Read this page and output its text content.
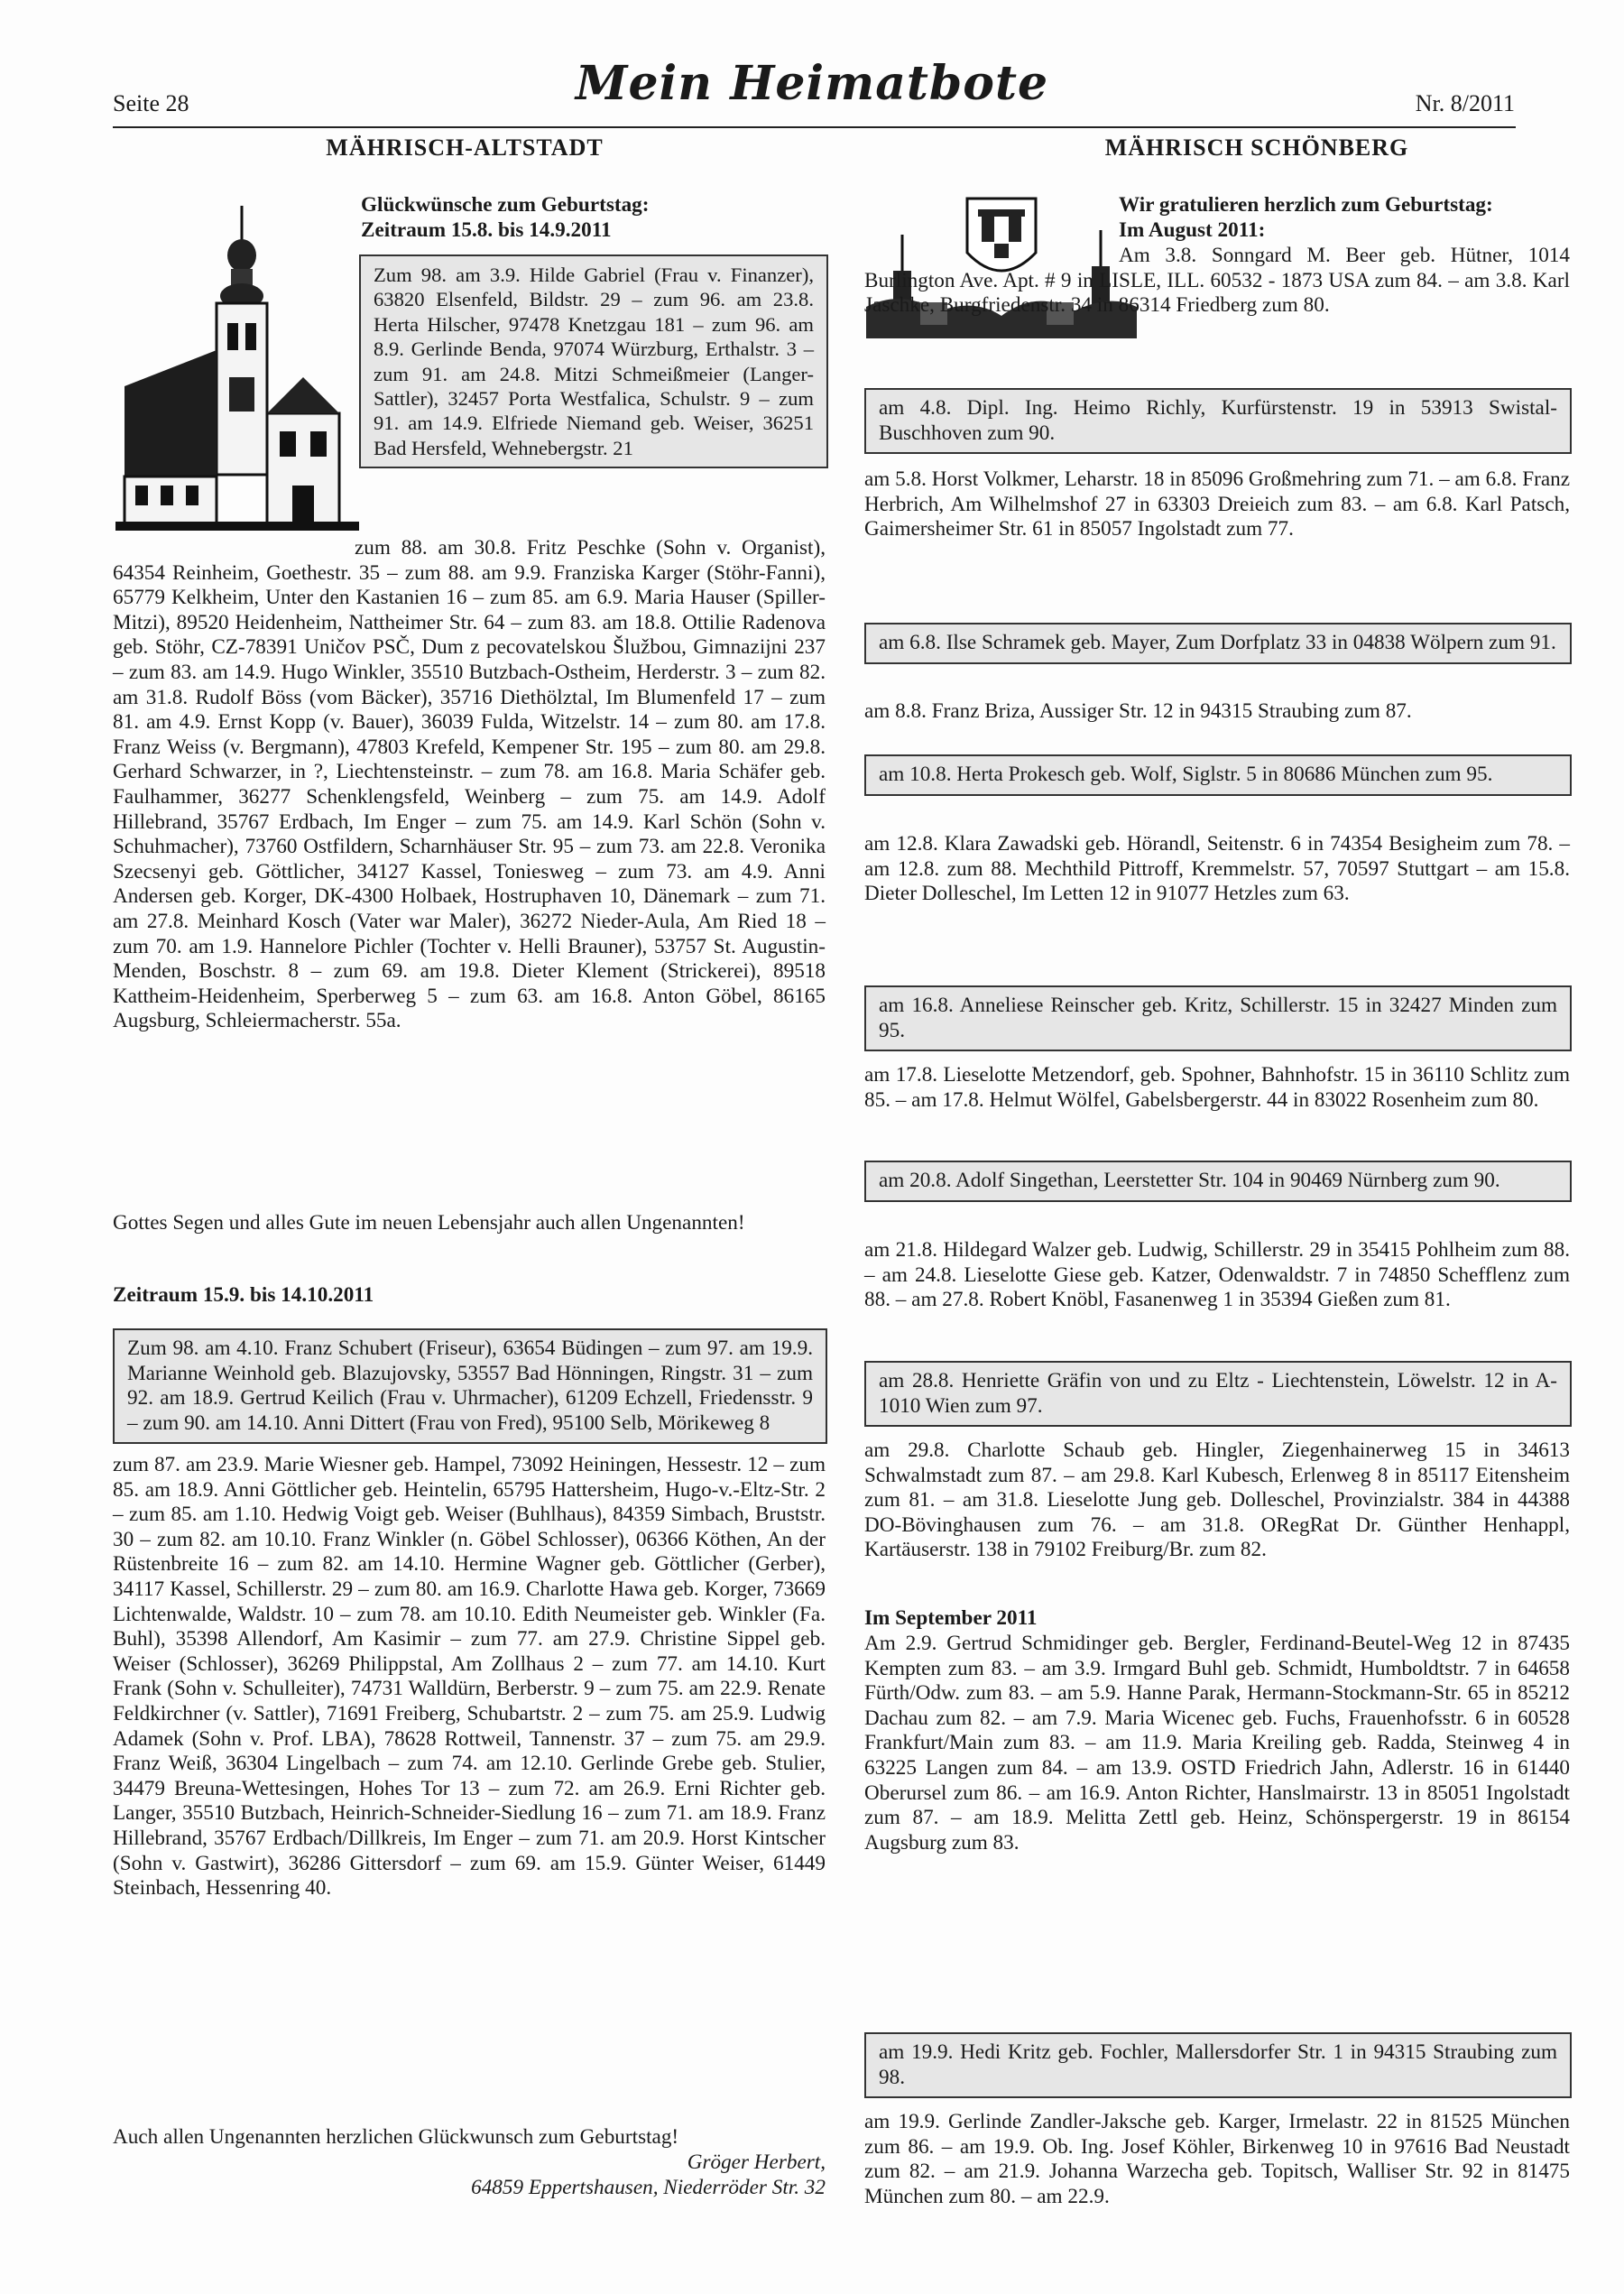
Seite 28	Mein Heimatbote	Nr. 8/2011
MÄHRISCH-ALTSTADT
Glückwünsche zum Geburtstag:
Zeitraum 15.8. bis 14.9.2011
Zum 98. am 3.9. Hilde Gabriel (Frau v. Finanzer), 63820 Elsenfeld, Bildstr. 29 – zum 96. am 23.8. Herta Hilscher, 97478 Knetzgau 181 – zum 96. am 8.9. Gerlinde Benda, 97074 Würzburg, Erthalstr. 3 – zum 91. am 24.8. Mitzi Schmeißmeier (Langer-Sattler), 32457 Porta Westfalica, Schulstr. 9 – zum 91. am 14.9. Elfriede Niemand geb. Weiser, 36251 Bad Hersfeld, Wehnebergstr. 21
zum 88. am 30.8. Fritz Peschke (Sohn v. Organist), 64354 Reinheim, Goethestr. 35 – zum 88. am 9.9. Franziska Karger (Stöhr-Fanni), 65779 Kelkheim, Unter den Kastanien 16 – zum 85. am 6.9. Maria Hauser (Spiller-Mitzi), 89520 Heidenheim, Nattheimer Str. 64 – zum 83. am 18.8. Ottilie Radenova geb. Stöhr, CZ-78391 Uničov PSČ, Dum z pecovatelskou Šlužbou, Gimnazijni 237 – zum 83. am 14.9. Hugo Winkler, 35510 Butzbach-Ostheim, Herderstr. 3 – zum 82. am 31.8. Rudolf Böss (vom Bäcker), 35716 Diethölztal, Im Blumenfeld 17 – zum 81. am 4.9. Ernst Kopp (v. Bauer), 36039 Fulda, Witzelstr. 14 – zum 80. am 17.8. Franz Weiss (v. Bergmann), 47803 Krefeld, Kempener Str. 195 – zum 80. am 29.8. Gerhard Schwarzer, in ?, Liechtensteinstr. – zum 78. am 16.8. Maria Schäfer geb. Faulhammer, 36277 Schenklengsfeld, Weinberg – zum 75. am 14.9. Adolf Hillebrand, 35767 Erdbach, Im Enger – zum 75. am 14.9. Karl Schön (Sohn v. Schuhmacher), 73760 Ostfildern, Scharnhäuser Str. 95 – zum 73. am 22.8. Veronika Szecsenyi geb. Göttlicher, 34127 Kassel, Toniesweg – zum 73. am 4.9. Anni Andersen geb. Korger, DK-4300 Holbaek, Hostruphaven 10, Dänemark – zum 71. am 27.8. Meinhard Kosch (Vater war Maler), 36272 Nieder-Aula, Am Ried 18 – zum 70. am 1.9. Hannelore Pichler (Tochter v. Helli Brauner), 53757 St. Augustin-Menden, Boschstr. 8 – zum 69. am 19.8. Dieter Klement (Strickerei), 89518 Kattheim-Heidenheim, Sperberweg 5 – zum 63. am 16.8. Anton Göbel, 86165 Augsburg, Schleiermacherstr. 55a.
Gottes Segen und alles Gute im neuen Lebensjahr auch allen Ungenannten!
Zeitraum 15.9. bis 14.10.2011
Zum 98. am 4.10. Franz Schubert (Friseur), 63654 Büdingen – zum 97. am 19.9. Marianne Weinhold geb. Blazujovsky, 53557 Bad Hönningen, Ringstr. 31 – zum 92. am 18.9. Gertrud Keilich (Frau v. Uhrmacher), 61209 Echzell, Friedensstr. 9 – zum 90. am 14.10. Anni Dittert (Frau von Fred), 95100 Selb, Mörikeweg 8
zum 87. am 23.9. Marie Wiesner geb. Hampel, 73092 Heiningen, Hessestr. 12 – zum 85. am 18.9. Anni Göttlicher geb. Heintelin, 65795 Hattersheim, Hugo-v.-Eltz-Str. 2 – zum 85. am 1.10. Hedwig Voigt geb. Weiser (Buhlhaus), 84359 Simbach, Bruststr. 30 – zum 82. am 10.10. Franz Winkler (n. Göbel Schlosser), 06366 Köthen, An der Rüstenbreite 16 – zum 82. am 14.10. Hermine Wagner geb. Göttlicher (Gerber), 34117 Kassel, Schillerstr. 29 – zum 80. am 16.9. Charlotte Hawa geb. Korger, 73669 Lichtenwalde, Waldstr. 10 – zum 78. am 10.10. Edith Neumeister geb. Winkler (Fa. Buhl), 35398 Allendorf, Am Kasimir – zum 77. am 27.9. Christine Sippel geb. Weiser (Schlosser), 36269 Philippstal, Am Zollhaus 2 – zum 77. am 14.10. Kurt Frank (Sohn v. Schulleiter), 74731 Walldürn, Berberstr. 9 – zum 75. am 22.9. Renate Feldkirchner (v. Sattler), 71691 Freiberg, Schubartstr. 2 – zum 75. am 25.9. Ludwig Adamek (Sohn v. Prof. LBA), 78628 Rottweil, Tannenstr. 37 – zum 75. am 29.9. Franz Weiß, 36304 Lingelbach – zum 74. am 12.10. Gerlinde Grebe geb. Stulier, 34479 Breuna-Wettesingen, Hohes Tor 13 – zum 72. am 26.9. Erni Richter geb. Langer, 35510 Butzbach, Heinrich-Schneider-Siedlung 16 – zum 71. am 18.9. Franz Hillebrand, 35767 Erdbach/Dillkreis, Im Enger – zum 71. am 20.9. Horst Kintscher (Sohn v. Gastwirt), 36286 Gittersdorf – zum 69. am 15.9. Günter Weiser, 61449 Steinbach, Hessenring 40.
Auch allen Ungenannten herzlichen Glückwunsch zum Geburtstag!
Gröger Herbert,
64859 Eppertshausen, Niederröder Str. 32
MÄHRISCH SCHÖNBERG
Wir gratulieren herzlich zum Geburtstag:
Im August 2011:
Am 3.8. Sonngard M. Beer geb. Hütner, 1014 Burlington Ave. Apt. # 9 in LISLE, ILL. 60532 - 1873 USA zum 84. – am 3.8. Karl Jaschke, Burgfriedenstr. 34 in 86314 Friedberg zum 80.
am 4.8. Dipl. Ing. Heimo Richly, Kurfürstenstr. 19 in 53913 Swistal-Buschhoven zum 90.
am 5.8. Horst Volkmer, Leharstr. 18 in 85096 Großmehring zum 71. – am 6.8. Franz Herbrich, Am Wilhelmshof 27 in 63303 Dreieich zum 83. – am 6.8. Karl Patsch, Gaimersheimer Str. 61 in 85057 Ingolstadt zum 77.
am 6.8. Ilse Schramek geb. Mayer, Zum Dorfplatz 33 in 04838 Wölpern zum 91.
am 8.8. Franz Briza, Aussiger Str. 12 in 94315 Straubing zum 87.
am 10.8. Herta Prokesch geb. Wolf, Siglstr. 5 in 80686 München zum 95.
am 12.8. Klara Zawadski geb. Hörandl, Seitenstr. 6 in 74354 Besigheim zum 78. – am 12.8. zum 88. Mechthild Pittroff, Kremmelstr. 57, 70597 Stuttgart – am 15.8. Dieter Dolleschel, Im Letten 12 in 91077 Hetzles zum 63.
am 16.8. Anneliese Reinscher geb. Kritz, Schillerstr. 15 in 32427 Minden zum 95.
am 17.8. Lieselotte Metzendorf, geb. Spohner, Bahnhofstr. 15 in 36110 Schlitz zum 85. – am 17.8. Helmut Wölfel, Gabelsbergerstr. 44 in 83022 Rosenheim zum 80.
am 20.8. Adolf Singethan, Leerstetter Str. 104 in 90469 Nürnberg zum 90.
am 21.8. Hildegard Walzer geb. Ludwig, Schillerstr. 29 in 35415 Pohlheim zum 88. – am 24.8. Lieselotte Giese geb. Katzer, Odenwaldstr. 7 in 74850 Schefflenz zum 88. – am 27.8. Robert Knöbl, Fasanenweg 1 in 35394 Gießen zum 81.
am 28.8. Henriette Gräfin von und zu Eltz - Liechtenstein, Löwelstr. 12 in A-1010 Wien zum 97.
am 29.8. Charlotte Schaub geb. Hingler, Ziegenhainerweg 15 in 34613 Schwalmstadt zum 87. – am 29.8. Karl Kubesch, Erlenweg 8 in 85117 Eitensheim zum 81. – am 31.8. Lieselotte Jung geb. Dolleschel, Provinzialstr. 384 in 44388 DO-Bövinghausen zum 76. – am 31.8. ORegRat Dr. Günther Henhappl, Kartäuserstr. 138 in 79102 Freiburg/Br. zum 82.
Im September 2011
Am 2.9. Gertrud Schmidinger geb. Bergler, Ferdinand-Beutel-Weg 12 in 87435 Kempten zum 83. – am 3.9. Irmgard Buhl geb. Schmidt, Humboldtstr. 7 in 64658 Fürth/Odw. zum 83. – am 5.9. Hanne Parak, Hermann-Stockmann-Str. 65 in 85212 Dachau zum 82. – am 7.9. Maria Wicenec geb. Fuchs, Frauenhofsstr. 6 in 60528 Frankfurt/Main zum 83. – am 11.9. Maria Kreiling geb. Radda, Steinweg 4 in 63225 Langen zum 84. – am 13.9. OSTD Friedrich Jahn, Adlerstr. 16 in 61440 Oberursel zum 86. – am 16.9. Anton Richter, Hanslmairstr. 13 in 85051 Ingolstadt zum 87. – am 18.9. Melitta Zettl geb. Heinz, Schönspergerstr. 19 in 86154 Augsburg zum 83.
am 19.9. Hedi Kritz geb. Fochler, Mallersdorfer Str. 1 in 94315 Straubing zum 98.
am 19.9. Gerlinde Zandler-Jaksche geb. Karger, Irmelastr. 22 in 81525 München zum 86. – am 19.9. Ob. Ing. Josef Köhler, Birkenweg 10 in 97616 Bad Neustadt zum 82. – am 21.9. Johanna Warzecha geb. Topitsch, Walliser Str. 92 in 81475 München zum 80. – am 22.9.
